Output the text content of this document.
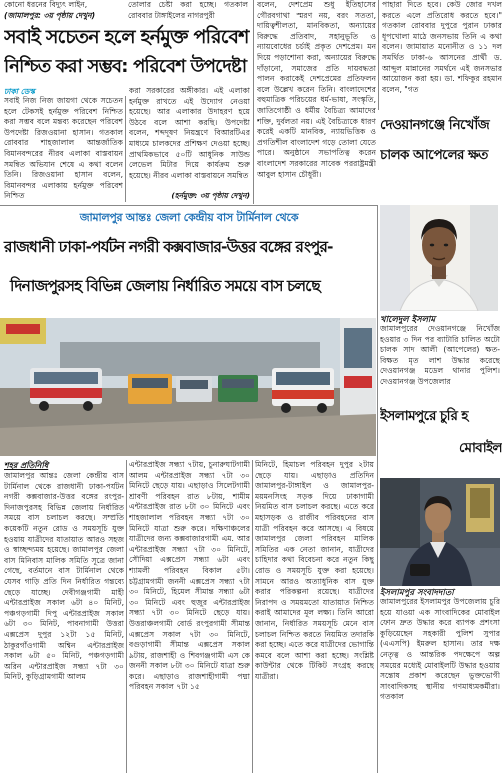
কোনো ধরনের বিদ্যুৎ লাইন,

(জামালপুর: ৩য় পৃষ্ঠায় দেখুন)

তোলার চেষ্টা করা হচ্ছে। গতকাল রোববার টাঙ্গাইলের নাগরপুরী

সবাই সচেতন হলে হর্নমুক্ত পরিবেশ
নিশ্চিত করা সম্ভব: পরিবেশ উপদেষ্টা
ঢাকা ডেস্ক
সবাই নিজ নিজ জায়গা থেকে সচেতন হলে টেকসই হর্নমুক্ত পরিবেশ নিশ্চিত করা সম্ভব বলে মন্তব্য করেছেন পরিবেশ উপদেষ্টা রিজওয়ানা হাসান। গতকাল রোববার শাহজালাল আন্তর্জাতিক বিমানবন্দরের নীরব এলাকা বাস্তবায়ন সমন্বিত অভিযান শেষে এ কথা বলেন তিনি। রিজওয়ানা হাসান বলেন, বিমানবন্দর এলাকায় হর্নমুক্ত পরিবেশ নিশ্চিত
করা সরকারের অঙ্গীকার। এই এলাকা হর্নমুক্ত রাখতে এই উদ্যোগ নেওয়া হয়েছে। আর এলাকার উদাহরণ হয়ে উঠবে বলে আশা করছি। উপদেষ্টা বলেন, শব্দদূষণ নিয়ন্ত্রণে বিআরটিএর মাধ্যমে চালকদের প্রশিক্ষণ দেওয়া হচ্ছে। প্রাথমিকভাবে ৫০টি আধুনিক সাউন্ড লেভেল মিটার দিয়ে কার্যক্রম শুরু হয়েছে। নীরব এলাকা বাস্তবায়নে সমন্বিত
(হর্নমুক্ত: ৩য় পৃষ্ঠায় দেখুন)
বলেন, দেশপ্রেম শুধু ইতিহাসের গৌরবগাথা স্মরণ নয়, বরং সততা, দায়িত্বশীলতা, মানবিকতা, অন্যায়ের বিরুদ্ধে প্রতিবাদ, সহানুভূতি ও ন্যায়বোধের চর্চাই প্রকৃত দেশপ্রেম। মন দিয়ে পড়াশোনা করা, অন্যায়ের বিরুদ্ধে দাঁড়ানো, সমাজের প্রতি দায়বদ্ধতা পালন করাকেই দেশপ্রেমের প্রতিফলন বলে উল্লেখ করেন তিনি। বাংলাদেশের বহুমাত্রিক পরিচয়ের ধর্ম-ভাষা, সংস্কৃতি, জাতিগোষ্ঠী ও ধর্মীয় বৈচিত্র্য আমাদের শক্তি, দুর্বলতা নয়। এই বৈচিত্র্যকে ধারণ করেই একটি মানবিক, ন্যায়ভিত্তিক ও প্রগতিশীল বাংলাদেশ গড়ে তোলা যেতে পারে। অনুষ্ঠানে সভাপতিত্ব করেন বাংলাদেশ সরকারের সাবেক পররাষ্ট্রমন্ত্রী আবুল হাসান চৌধুরী।
পাহারা দিতে হবে। কেউ জোর দখল করতে এলে প্রতিরোধ করতে হবে।" গতকাল রোববার দুপুরে পুরান ঢাকার ধূপখোলা মাঠে জনসভায় তিনি এ কথা বলেন। জামায়াত মনোনীত ও ১১ দল সমর্থিত ঢাকা-৬ আসনের প্রার্থী ড. আব্দুল মান্নানের সমর্থনে এই জনসভার আয়োজন করা হয়। ডা. শফিকুর রহমান বলেন, "গত
দেওয়ানগঞ্জে নিখোঁজ
চালক আপেলের ক্ষত
খালেদুল ইসলাম
জামালপুরের দেওয়ানগঞ্জে নিখোঁজ হওয়ার ৩ দিন পর ব্যাটারি চালিত অটো চালক সাদ আলী (আপেলের) ক্ষত-বিক্ষত মৃত লাশ উদ্ধার করেছে দেওয়ানগঞ্জ মডেল থানার পুলিশ। দেওয়ানগঞ্জ উপজেলার
ইসলামপুরে চুরি হ
মোবাইল
ইসলামপুর সংবাদদাতা
জামালপুরের ইসলামপুর উপজেলায় চুরি হয়ে যাওয়া এক সাংবাদিকের মোবাইল ফোন দ্রুত উদ্ধার করে ব্যাপক প্রশংসা কুড়িয়েছেন সহকারী পুলিশ সুপার (এএসপি) ইমরুল হাসান। তার দক্ষ নেতৃত্ব ও আন্তরিক পদক্ষেপে অল্প সময়ের মধ্যেই মোবাইলটি উদ্ধার হওয়ায় সন্তোষ প্রকাশ করেছেন ভুক্তভোগী সাংবাদিকসহ স্থানীয় গণমাধ্যমকর্মীরা। গতকাল
জামালপুর আন্তঃ জেলা কেন্দ্রীয় বাস টার্মিনাল থেকে
রাজধানী ঢাকা-পর্যটন নগরী কক্সবাজার-উত্তর বঙ্গের রংপুর-
দিনাজপুরসহ বিভিন্ন জেলায় নির্ধারিত সময়ে বাস চলছে
শহর প্রতিনিধি
জামালপুর আন্তঃ জেলা কেন্দ্রীয় বাস টার্মিনাল থেকে রাজধানী ঢাকা-পর্যটন নগরী কক্সবাজার-উত্তর বঙ্গের রংপুর-দিনাজপুরসহ বিভিন্ন জেলায় নির্ধারিত সময়ে বাস চলাচল করছে। সম্প্রতি কয়েকটি নতুন রোড ও সময়সূচি যুক্ত হওয়ায় যাত্রীদের যাতায়াত আরও সহজ ও স্বাচ্ছন্দ্যময় হয়েছে। জামালপুর জেলা বাস মিনিবাস মালিক সমিতি সূত্রে জানা গেছে, বর্তমানে বাস টার্মিনাল থেকে যেসব গাড়ি প্রতি দিন নির্ধারিত গন্তব্যে ছেড়ে যাচ্ছে। দেবীগঞ্জগামী মাহী এন্টারপ্রাইজ সকাল ৬টা ৪০ মিনিট, পঞ্চগড়গামী দিপু এন্টারপ্রাইজ সকাল ৬টা ৩০ মিনিট, পাবনাগামী উত্তরা এক্সপ্রেস দুপুর ১২টা ১৫ মিনিট, ঠাকুরগাঁওগামী অশ্বিন এন্টারপ্রাইজ সকাল ৬টা ৫০ মিনিট, পঞ্চগড়গামী অরিন এন্টারপ্রাইজ সন্ধ্যা ৭টা ৩০ মিনিট, কুড়িগ্রামগামী আলম
এন্টারপ্রাইজ সন্ধ্যা ৭টায়, চুনারুঘাটগামী আলম এন্টারপ্রাইজ সন্ধ্যা ৭টা ৩০ মিনিটে ছেড়ে যায়। এছাড়াও সিলেটগামী শ্রাবণী পরিবহন রাত ৮টায়, শামীম এন্টারপ্রাইজ রাত ৮টা ৩০ মিনিটে এবং শাহজালাল পরিবহন সন্ধ্যা ৭টা ৩০ মিনিটে যাত্রা শুরু করে। দক্ষিণাঞ্চলের যাত্রীদের জন্য কক্সবাজারগামী এম. আর এন্টারপ্রাইজ সন্ধ্যা ৭টা ৩০ মিনিটে, সৌদিয়া এক্সপ্রেস সন্ধ্যা ৬টা এবং শ্যামলী পরিবহন বিকাল ৫টা। চট্টগ্রামগামী জননী এক্সপ্রেস সন্ধ্যা ৭টা ৩০ মিনিটে, হিমেল সীমান্ত সন্ধ্যা ৬টা ৩০ মিনিটে এবং হুজুর এন্টারপ্রাইজ সন্ধ্যা ৭টা ৩০ মিনিটে ছেড়ে যায়। উত্তরাঞ্চলগামী বোর্ড রংপুরগামী সীমান্ত এক্সপ্রেস সকাল ৭টা ৩০ মিনিটে, বগুড়াগামী সীমান্ত এক্সপ্রেস সকাল ৯টায়, রাজশাহী ও শিবগঞ্জগামী এস কে জননী সকাল ৮টা ৩০ মিনিটে যাত্রা শুরু করে। এছাড়াও রাজশাহীগামী পদ্মা পরিবহন সকাল ৭টা ১৫
মিনিটে, হিমাচল পরিবহন দুপুর ২টায় ছেড়ে যায়। এছাড়াও প্রতিদিন জামালপুর-টাঙ্গাইল ও জামালপুর-ময়মনসিংহ সড়ক দিয়ে ঢাকাগামী নিয়মিত বাস চলাচল করছে। এতে করে মহাসড়ক ও রাজীব পরিবহনের বাস যাত্রী পরিবহন করে আসছে। এ বিষয়ে জামালপুর জেলা পরিবহন মালিক সমিতির এক নেতা জানান, যাত্রীদের চাহিদার কথা বিবেচনা করে নতুন কিছু রোড ও সময়সূচি যুক্ত করা হয়েছে। সামনে আরও অত্যাধুনিক বাস যুক্ত করার পরিকল্পনা রয়েছে। যাত্রীদের নিরাপদ ও সময়মতো যাতায়াত নিশ্চিত করাই আমাদের মূল লক্ষ্য। তিনি আরো জানান, নির্ধারিত সময়সূচি মেনে বাস চলাচল নিশ্চিত করতে নিয়মিত তদারকি করা হচ্ছে। এতে করে যাত্রীদের ভোগান্তি কমবে বলে আশা করা হচ্ছে। সংশ্লিষ্ট কাউন্টার থেকে টিকিট সংগ্রহ করছে যাত্রীরা।
